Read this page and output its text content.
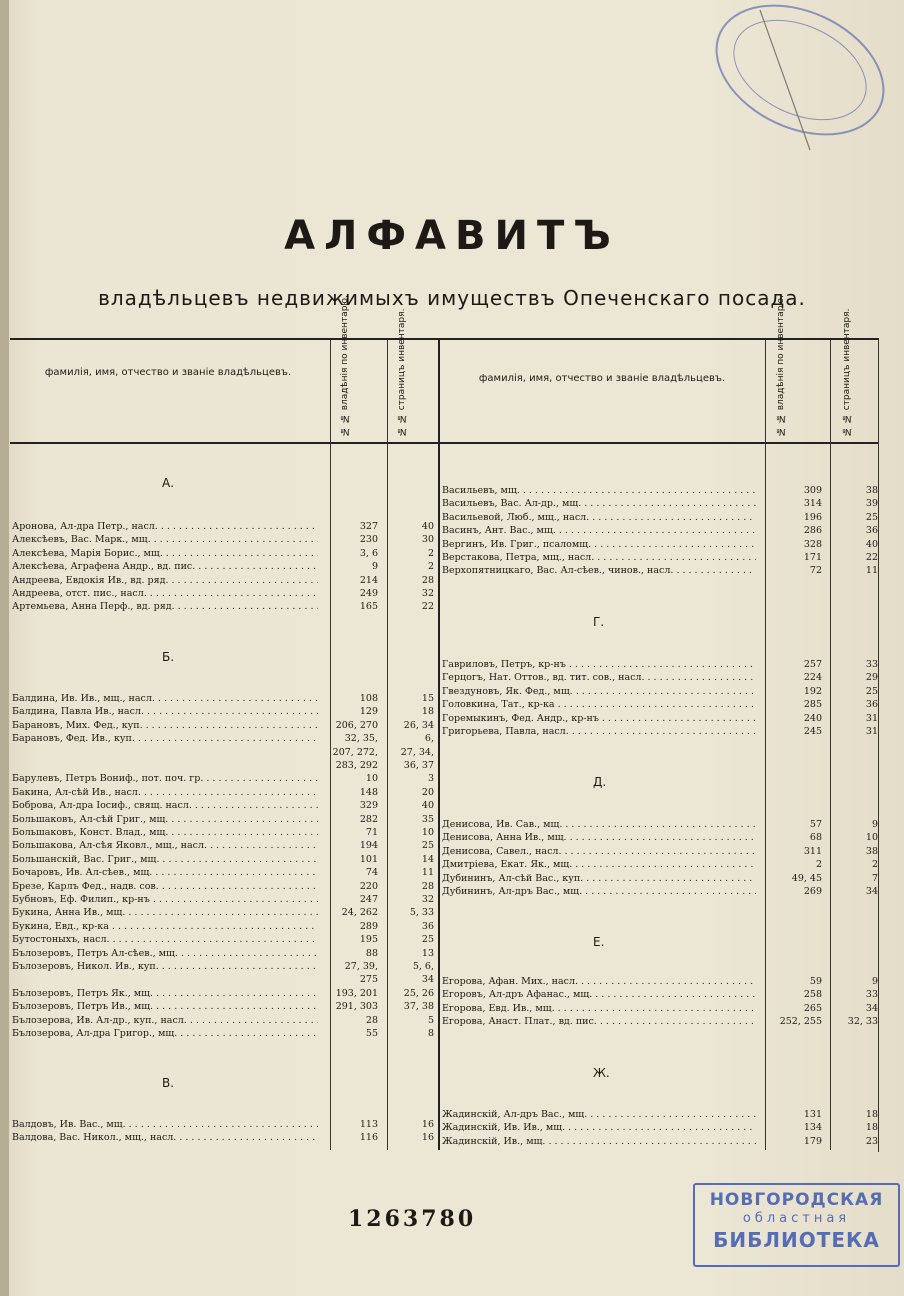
АЛФАВИТЪ
владѣльцевъ недвижимыхъ имуществъ Опеченскаго посада.
фамилія, имя, отчество и званіе владѣльцевъ.	№ № владѣнія по инвентарю.	№ № страницъ инвентаря.	фамилія, имя, отчество и званіе владѣльцевъ.	№ № владѣнія по инвентарю.	№ № страницъ инвентаря.
А.
Аронова, Ал-дра Петр., насл. . . .	327	40
Алексѣевъ, Вас. Марк., мщ. . . .	230	30
Алексѣева, Марія Борис., мщ. . . .	3, 6	2
Алексѣева, Аграфена Андр., вд. пис. . . .	9	2
Андреева, Евдокія Ив., вд. ряд. . . .	214	28
Андреева, отст. пис., насл. . . .	249	32
Артемьева, Анна Перф., вд. ряд. . . .	165	22
Б.
Балдина, Ив. Ив., мщ., насл. . . .	108	15
Балдина, Павла Ив., насл. . . .	129	18
Барановъ, Мих. Фед., куп. . . .	206, 270	26, 34
Барановъ, Фед. Ив., куп. . . .	32, 35,	6,
207, 272,	27, 34,
283, 292	36, 37
Барулевъ, Петръ Вониф., пот. поч. гр. . . .	10	3
Бакина, Ал-сѣй Ив., насл. . . .	148	20
Боброва, Ал-дра Іосиф., свящ. насл. . . .	329	40
Большаковъ, Ал-сѣй Григ., мщ. . . .	282	35
Большаковъ, Конст. Влад., мщ. . . .	71	10
Большакова, Ал-сѣя Яковл., мщ., насл. . . .	194	25
Большанскій, Вас. Григ., мщ. . . .	101	14
Бочаровъ, Ив. Ал-сѣев., мщ. . . .	74	11
Брезе, Карлъ Фед., надв. сов. . . .	220	28
Бубновъ, Еф. Филип., кр-нъ . . .	247	32
Букина, Анна Ив., мщ. . . .	24, 262	5, 33
Букина, Евд., кр-ка . . .	289	36
Бутостоныхъ, насл. . . .	195	25
Бълозеровъ, Петръ Ал-сѣев., мщ. . . .	88	13
Бълозеровъ, Никол. Ив., куп. . . .	27, 39,	5, 6,
275	34
Бълозеровъ, Петръ Як., мщ. . . .	193, 201	25, 26
Бълозеровъ, Петръ Ив., мщ. . . .	291, 303	37, 38
Бълозерова, Ив. Ал-др., куп., насл. . . .	28	5
Бълозерова, Ал-дра Григор., мщ. . . .	55	8
В.
Валдовъ, Ив. Вас., мщ. . . .	113	16
Валдова, Вас. Никол., мщ., насл. . . .	116	16
Васильевъ, мщ. . . .	309	38
Васильевъ, Вас. Ал-др., мщ. . . .	314	39
Васильевой, Люб., мщ., насл. . . .	196	25
Васинъ, Ант. Вас., мщ. . . .	286	36
Вергинъ, Ив. Григ., псаломщ. . . .	328	40
Верстакова, Петра, мщ., насл. . . .	171	22
Верхопятницкаго, Вас. Ал-сѣев., чинов., насл. . . .	72	11
Г.
Гавриловъ, Петръ, кр-нъ . . .	257	33
Герцогъ, Нат. Оттов., вд. тит. сов., насл. . . .	224	29
Гвездуновъ, Як. Фед., мщ. . . .	192	25
Головкина, Тат., кр-ка . . .	285	36
Горемыкинъ, Фед. Андр., кр-нъ . . .	240	31
Григорьева, Павла, насл. . . .	245	31
Д.
Денисова, Ив. Сав., мщ. . . .	57	9
Денисова, Анна Ив., мщ. . . .	68	10
Денисова, Савел., насл. . . .	311	38
Дмитріева, Екат. Як., мщ. . . .	2	2
Дубининъ, Ал-сѣй Вас., куп. . . .	49, 45	7
Дубининъ, Ал-дръ Вас., мщ. . . .	269	34
Е.
Егорова, Афан. Мих., насл. . . .	59	9
Егоровъ, Ал-дръ Афанас., мщ. . . .	258	33
Егорова, Евд. Ив., мщ. . . .	265	34
Егорова, Анаст. Плат., вд. пис. . . .	252, 255	32, 33
Ж.
Жадинскій, Ал-дръ Вас., мщ. . . .	131	18
Жадинскій, Ив. Ив., мщ. . . .	134	18
Жадинскій, Ив., мщ. . . .	179	23
1263780
НОВГОРОДСКАЯ
областная
БИБЛИОТЕКА
